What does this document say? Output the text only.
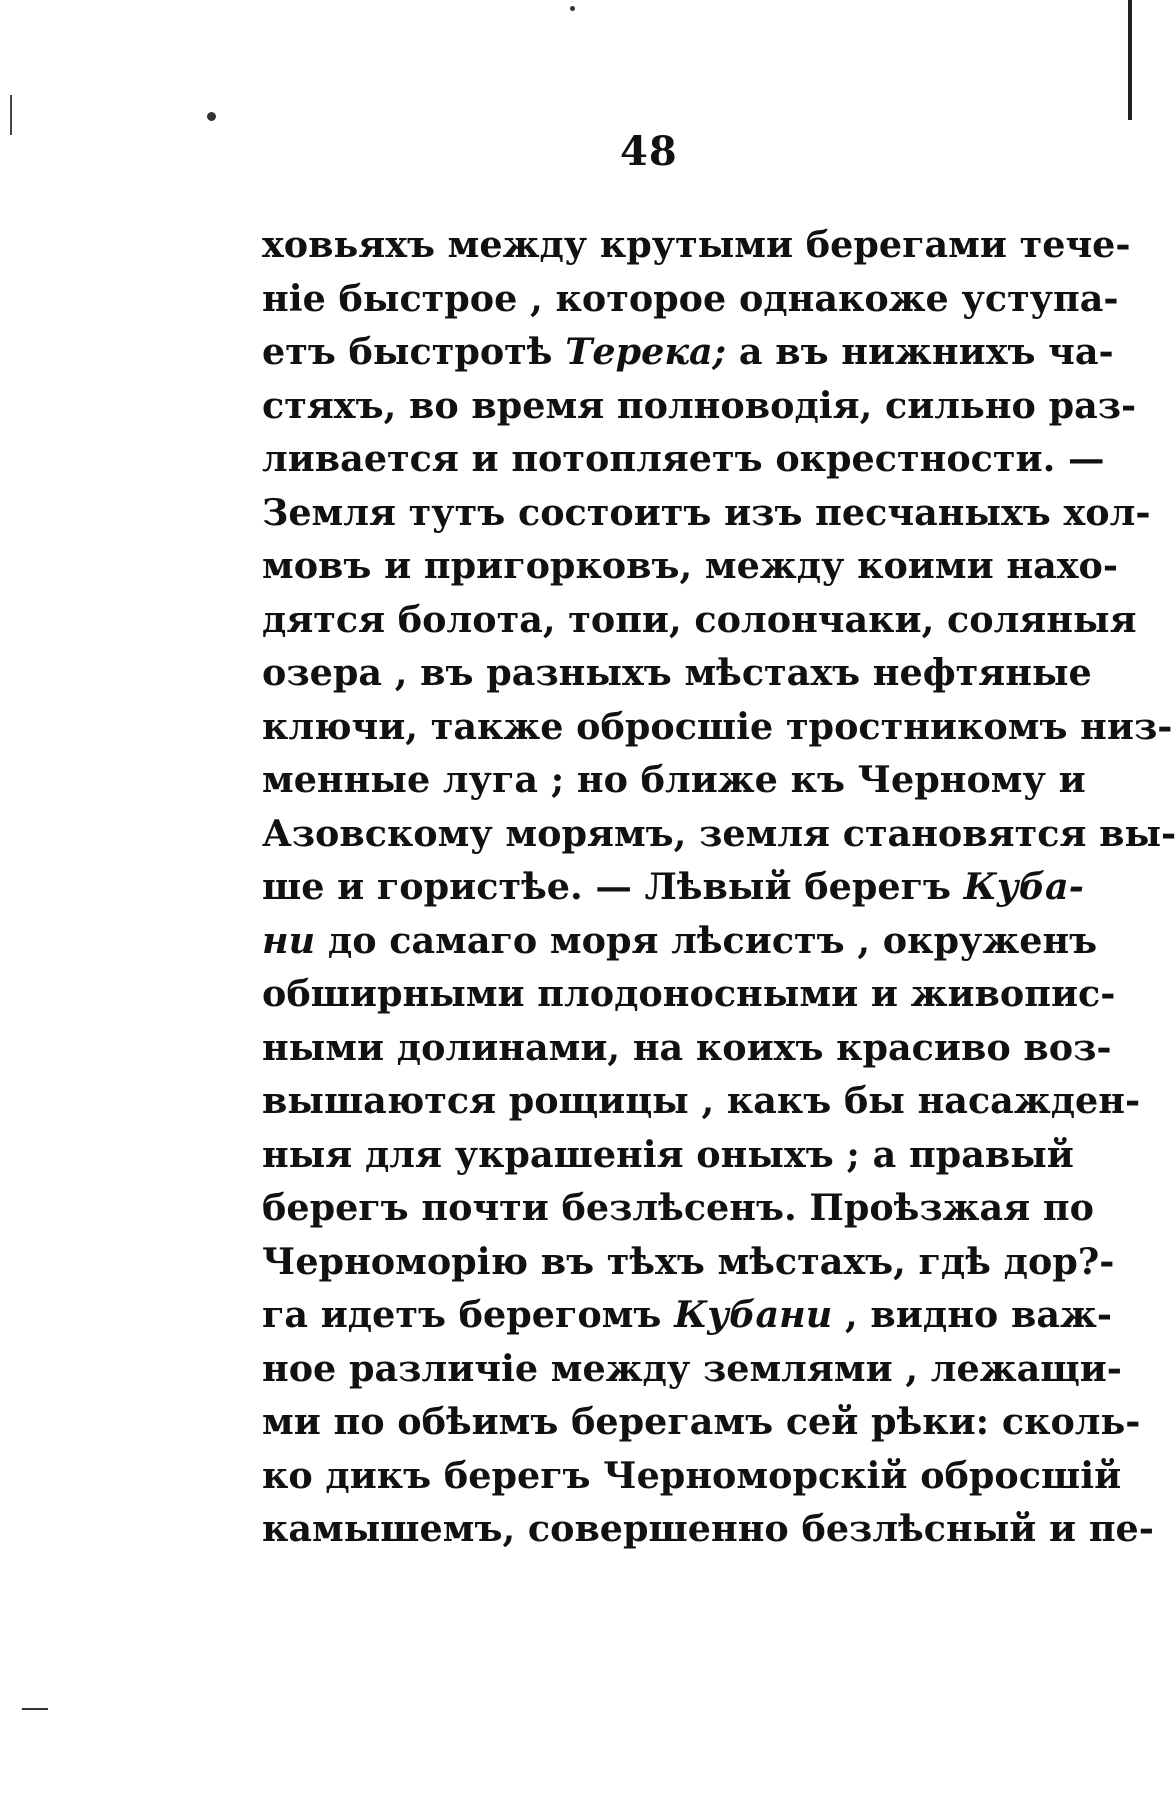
48
ховьяхъ между крутыми берегами тече-
нie быстрое , которое однакоже уступа-
етъ быстротѣ Терека; а въ нижнихъ ча-
стяхъ, во время полноводія, сильно раз-
ливается и потопляетъ окрестности. —
Земля тутъ состоитъ изъ песчаныхъ хол-
мовъ и пригорковъ, между коими нахо-
дятся болота, топи, солончаки, соляныя
озера , въ разныхъ мѣстахъ нефтяные
ключи, также обросшіе тростникомъ низ-
менные луга ; но ближе къ Черному и
Азовскому морямъ, земля становятся вы-
ше и гористѣе. — Лѣвый берегъ Куба-
ни до самаго моря лѣсистъ , окруженъ
обширными плодоносными и живопис-
ными долинами, на коихъ красиво воз-
вышаются рощицы , какъ бы насажден-
ныя для украшенія оныхъ ; а правый
берегъ почти безлѣсенъ. Проѣзжая по
Черноморію въ тѣхъ мѣстахъ, гдѣ дор?-
га идетъ берегомъ Кубани , видно важ-
ное различіе между землями , лежащи-
ми по обѣимъ берегамъ сей рѣки: сколь-
ко дикъ берегъ Черноморскій обросшій
камышемъ, совершенно безлѣсный и пе-
